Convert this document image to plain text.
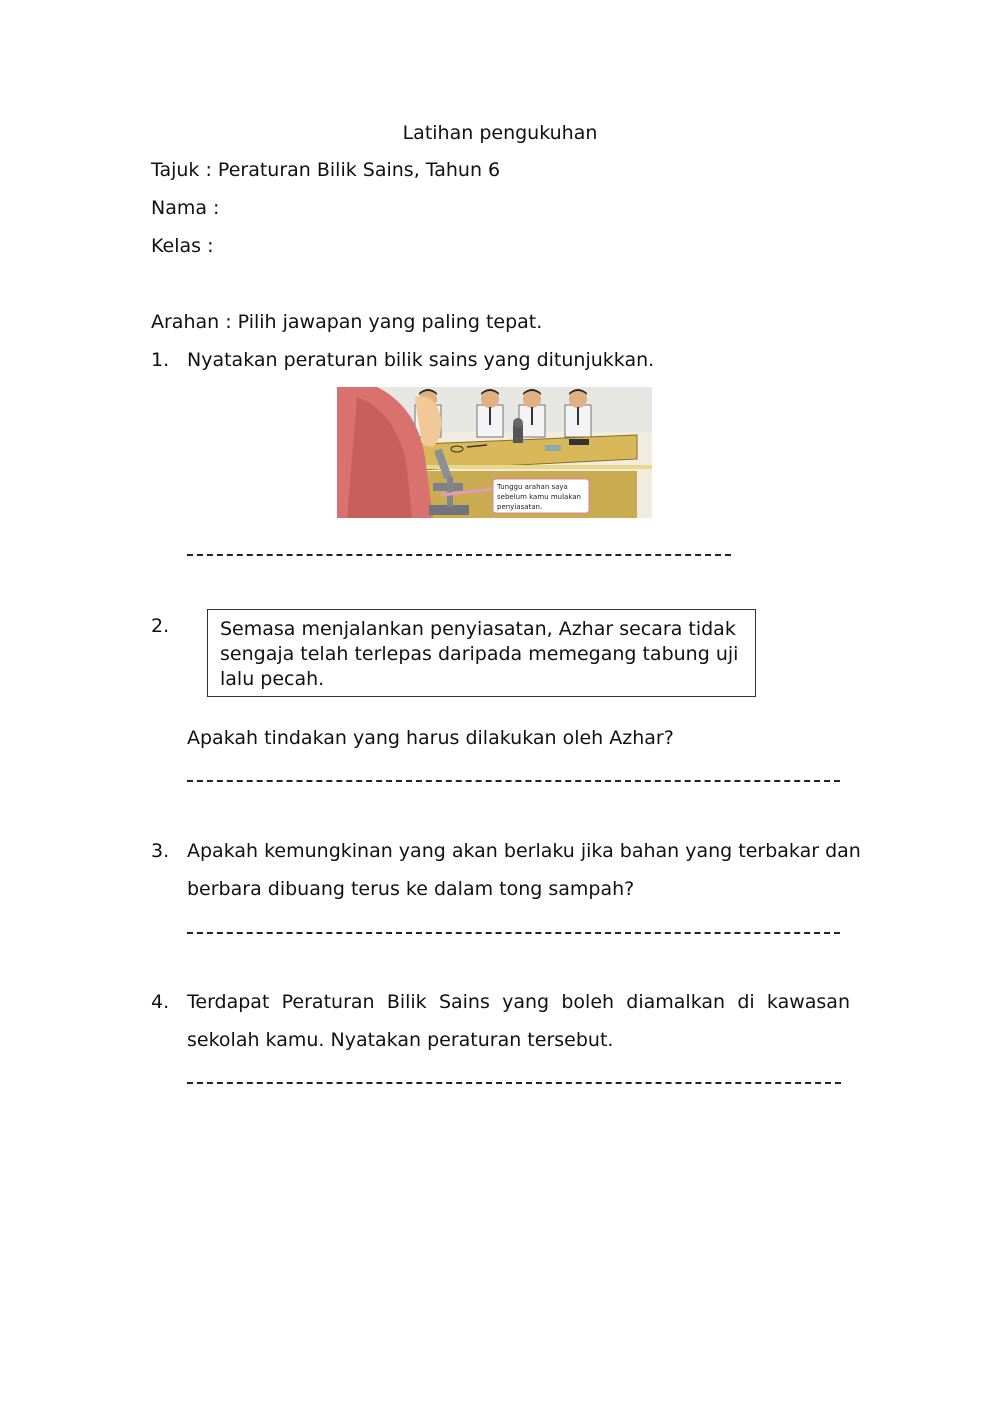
Latihan pengukuhan
Tajuk : Peraturan Bilik Sains, Tahun 6
Nama :
Kelas :
Arahan : Pilih jawapan yang paling tepat.
1. Nyatakan peraturan bilik sains yang ditunjukkan.
Tunggu arahan saya
sebelum kamu mulakan
penyiasatan.
2.	Semasa menjalankan penyiasatan, Azhar secara tidak
sengaja telah terlepas daripada memegang tabung uji
lalu pecah.
Apakah tindakan yang harus dilakukan oleh Azhar?
3. Apakah kemungkinan yang akan berlaku jika bahan yang terbakar dan
berbara dibuang terus ke dalam tong sampah?
4. Terdapat Peraturan Bilik Sains yang boleh diamalkan di kawasan
sekolah kamu. Nyatakan peraturan tersebut.
